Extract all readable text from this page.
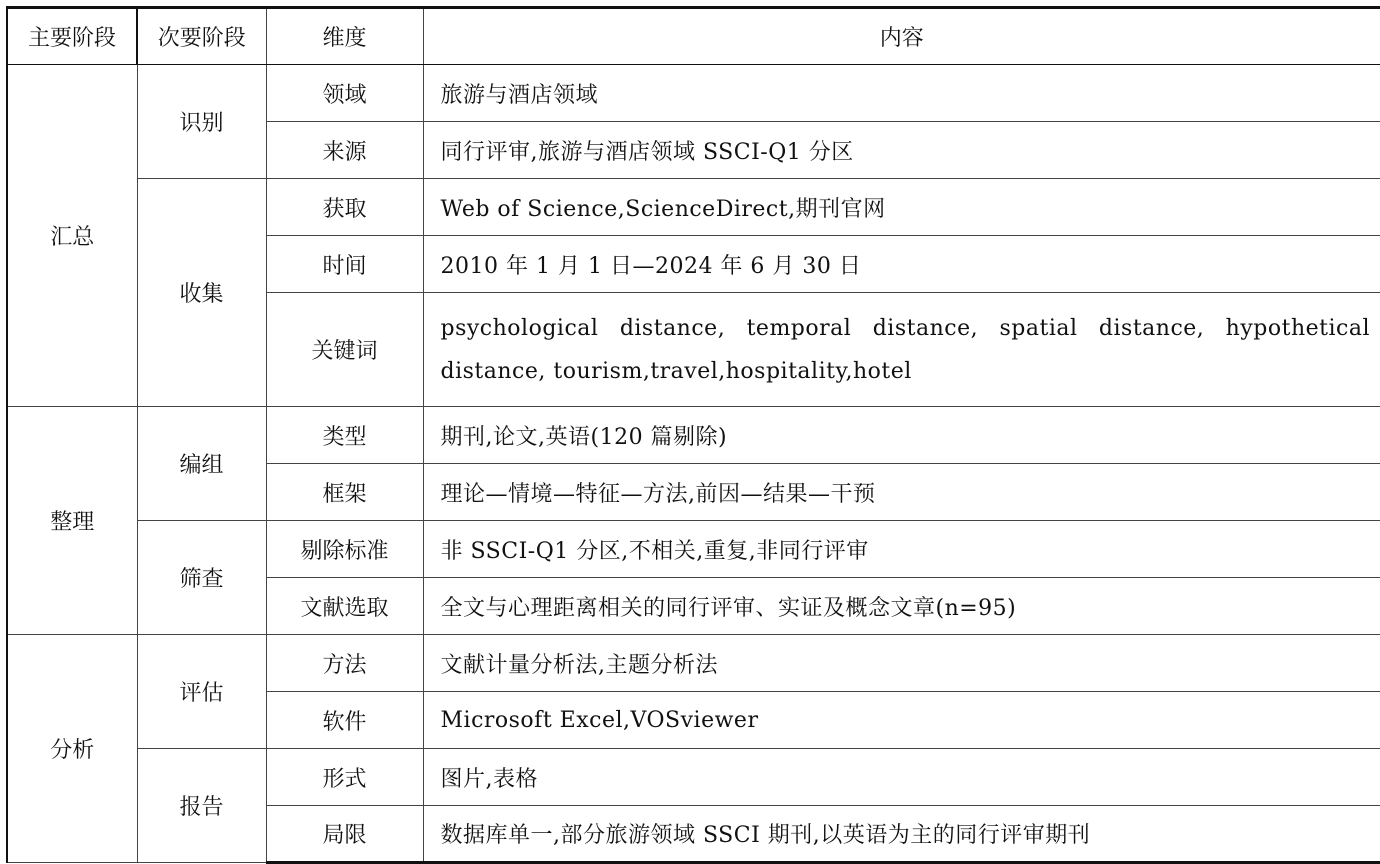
主要阶段	次要阶段	维度	内容
汇总	识别	领域	旅游与酒店领域
		来源	同行评审,旅游与酒店领域 SSCI-Q1 分区
	收集	获取	Web of Science,ScienceDirect,期刊官网
		时间	2010 年 1 月 1 日—2024 年 6 月 30 日
		关键词	psychological distance, temporal distance, spatial distance, hypothetical distance, tourism,travel,hospitality,hotel

整理	编组	类型	期刊,论文,英语(120 篇剔除)
		框架	理论—情境—特征—方法,前因—结果—干预
	筛查	剔除标准	非 SSCI-Q1 分区,不相关,重复,非同行评审
		文献选取	全文与心理距离相关的同行评审、实证及概念文章(n=95)
分析	评估	方法	文献计量分析法,主题分析法
		软件	Microsoft Excel,VOSviewer
	报告	形式	图片,表格
		局限	数据库单一,部分旅游领域 SSCI 期刊,以英语为主的同行评审期刊
